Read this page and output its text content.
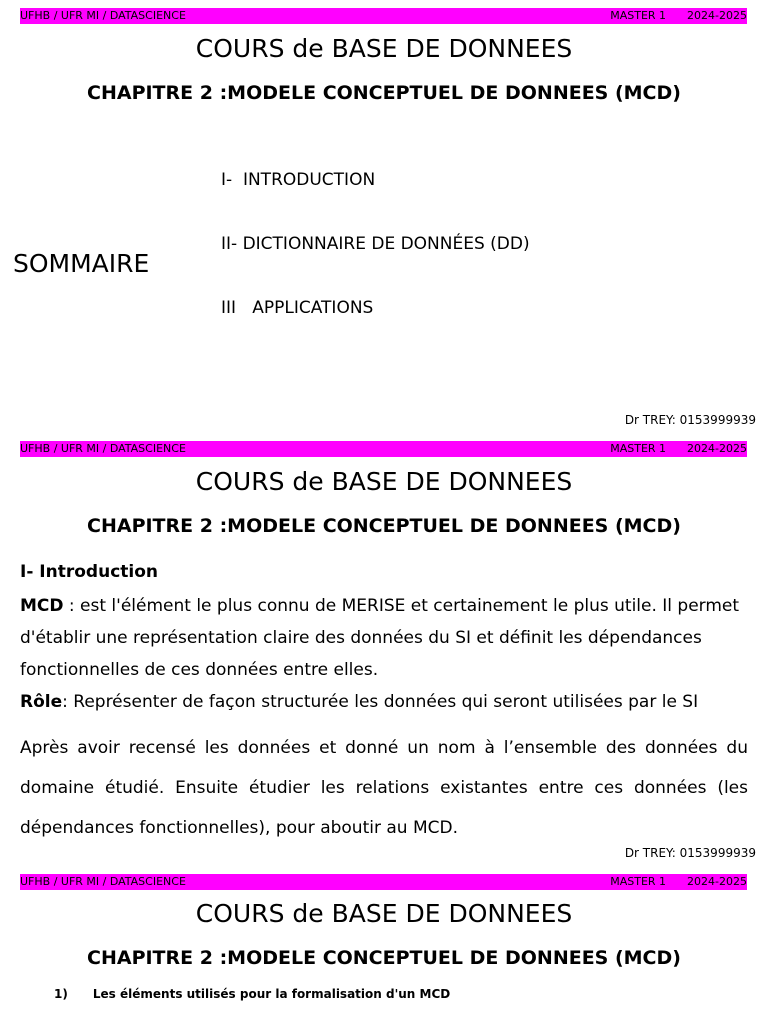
UFHB / UFR MI / DATASCIENCE	MASTER 1      2024-2025
COURS de BASE DE DONNEES
CHAPITRE 2 :MODELE CONCEPTUEL DE DONNEES (MCD)
SOMMAIRE
I-  INTRODUCTION
II- DICTIONNAIRE DE DONNÉES (DD)
III   APPLICATIONS
Dr TREY: 0153999939
UFHB / UFR MI / DATASCIENCE	MASTER 1      2024-2025
COURS de BASE DE DONNEES
CHAPITRE 2 :MODELE CONCEPTUEL DE DONNEES (MCD)
I- Introduction
MCD : est l'élément le plus connu de MERISE et certainement le plus utile. Il permet d'établir une représentation claire des données du SI et définit les dépendances fonctionnelles de ces données entre elles.
Rôle: Représenter de façon structurée les données qui seront utilisées par le SI
Après avoir recensé les données et donné un nom à l’ensemble des données du domaine étudié. Ensuite étudier les relations existantes entre ces données (les dépendances fonctionnelles), pour aboutir au MCD.
Dr TREY: 0153999939
UFHB / UFR MI / DATASCIENCE	MASTER 1      2024-2025
COURS de BASE DE DONNEES
CHAPITRE 2 :MODELE CONCEPTUEL DE DONNEES (MCD)
1)      Les éléments utilisés pour la formalisation d'un MCD
